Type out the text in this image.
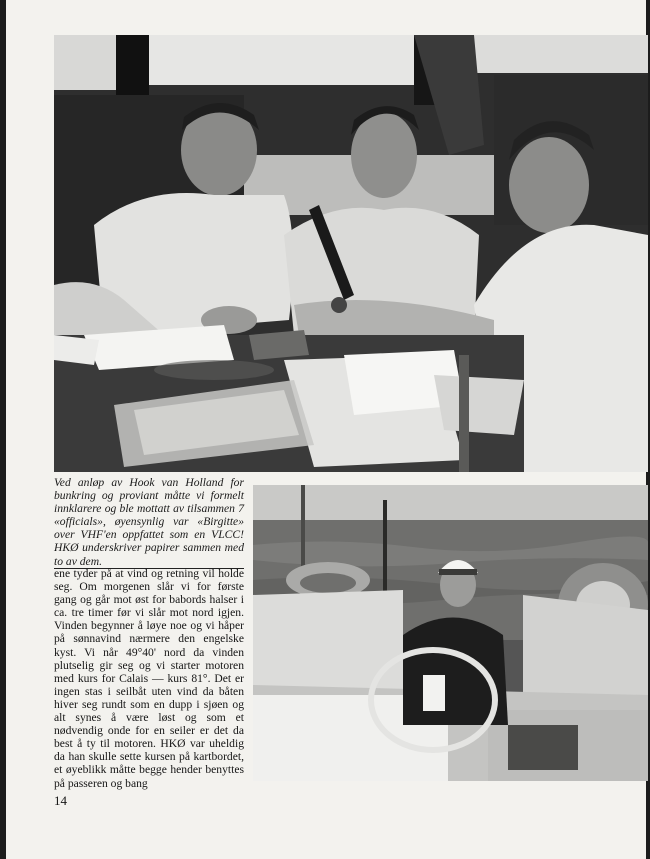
Ved anløp av Hook van Holland for bunkring og proviant måtte vi formelt innklarere og ble mottatt av tilsammen 7 «officials», øyensynlig var «Birgitte» over VHF'en oppfattet som en VLCC! HKØ underskriver papirer sammen med to av dem.

ene tyder på at vind og retning vil holde seg. Om morgenen slår vi for første gang og går mot øst for babords halser i ca. tre timer før vi slår mot nord igjen. Vinden begynner å løye noe og vi håper på sønnavind nærmere den engelske kyst. Vi når 49°40' nord da vinden plutselig gir seg og vi starter motoren med kurs for Calais — kurs 81°. Det er ingen stas i seilbåt uten vind da båten hiver seg rundt som en dupp i sjøen og alt synes å være løst og som et nødvendig onde for en seiler er det da best å ty til motoren. HKØ var uheldig da han skulle sette kursen på kartbordet, et øyeblikk måtte begge hender benyttes på passeren og bang

14
